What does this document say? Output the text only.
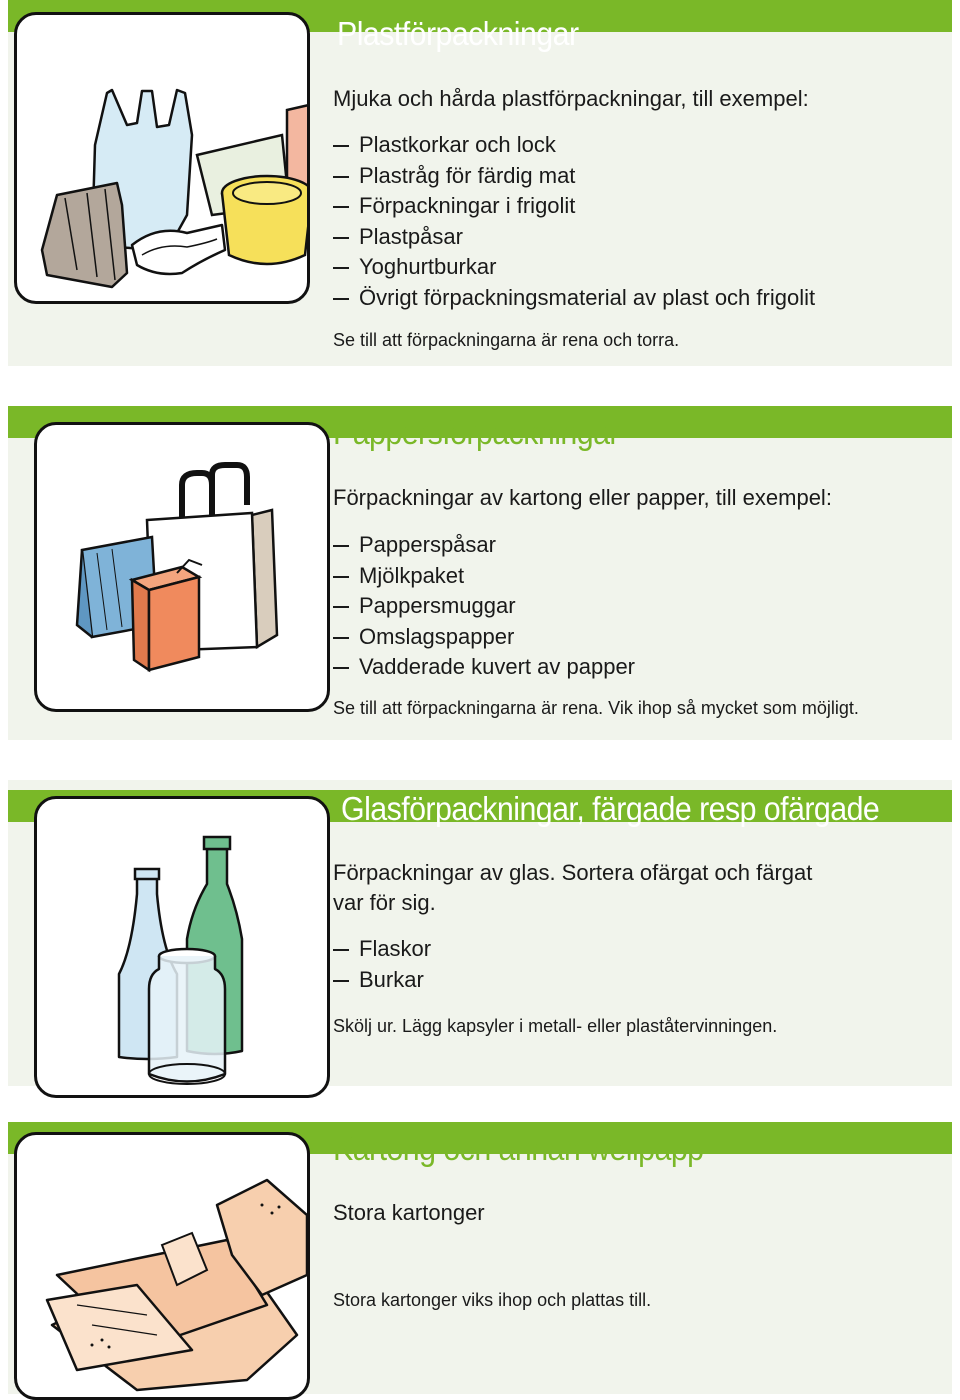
Plastförpackningar
Mjuka och hårda plastförpackningar, till exempel:
Plastkorkar och lock
Plastråg för färdig mat
Förpackningar i frigolit
Plastpåsar
Yoghurtburkar
Övrigt förpackningsmaterial av plast och frigolit
Se till att förpackningarna är rena och torra.
Pappersförpackningar
Förpackningar av kartong eller papper, till exempel:
Papperspåsar
Mjölkpaket
Pappersmuggar
Omslagspapper
Vadderade kuvert av papper
Se till att förpackningarna är rena. Vik ihop så mycket som möjligt.
Glasförpackningar, färgade resp ofärgade
Förpackningar av glas. Sortera ofärgat och färgat
var för sig.
Flaskor
Burkar
Skölj ur. Lägg kapsyler i metall- eller plaståtervinningen.
Kartong och annan wellpapp
Stora kartonger
Stora kartonger viks ihop och plattas till.
